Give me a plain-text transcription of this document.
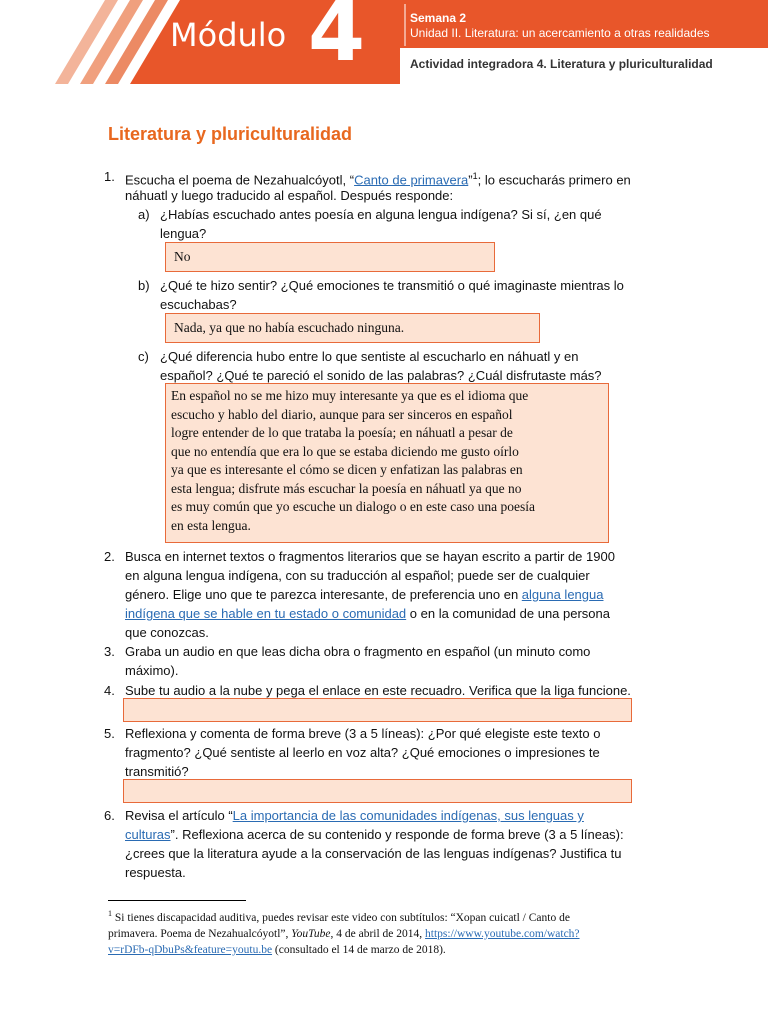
Módulo 4	Semana 2
Unidad II. Literatura: un acercamiento a otras realidades
Actividad integradora 4. Literatura y pluriculturalidad
Literatura y pluriculturalidad
1. Escucha el poema de Nezahualcóyotl, “Canto de primavera”$^1$; lo escucharás primero en
náhuatl y luego traducido al español. Después responde:
a) ¿Habías escuchado antes poesía en alguna lengua indígena? Si sí, ¿en qué
lengua?
No
b) ¿Qué te hizo sentir? ¿Qué emociones te transmitió o qué imaginaste mientras lo
escuchabas?
Nada, ya que no había escuchado ninguna.
c) ¿Qué diferencia hubo entre lo que sentiste al escucharlo en náhuatl y en
español? ¿Qué te pareció el sonido de las palabras? ¿Cuál disfrutaste más?
En español no se me hizo muy interesante ya que es el idioma que
escucho y hablo del diario, aunque para ser sinceros en español
logre entender de lo que trataba la poesía; en náhuatl a pesar de
que no entendía que era lo que se estaba diciendo me gusto oírlo
ya que es interesante el cómo se dicen y enfatizan las palabras en
esta lengua; disfrute más escuchar la poesía en náhuatl ya que no
es muy común que yo escuche un dialogo o en este caso una poesía
en esta lengua.
2. Busca en internet textos o fragmentos literarios que se hayan escrito a partir de 1900
en alguna lengua indígena, con su traducción al español; puede ser de cualquier
género. Elige uno que te parezca interesante, de preferencia uno en alguna lengua
indígena que se hable en tu estado o comunidad o en la comunidad de una persona
que conozcas.
3. Graba un audio en que leas dicha obra o fragmento en español (un minuto como
máximo).
4. Sube tu audio a la nube y pega el enlace en este recuadro. Verifica que la liga funcione.
5. Reflexiona y comenta de forma breve (3 a 5 líneas): ¿Por qué elegiste este texto o
fragmento? ¿Qué sentiste al leerlo en voz alta? ¿Qué emociones o impresiones te
transmitió?
6. Revisa el artículo “La importancia de las comunidades indígenas, sus lenguas y
culturas”. Reflexiona acerca de su contenido y responde de forma breve (3 a 5 líneas):
¿crees que la literatura ayude a la conservación de las lenguas indígenas? Justifica tu
respuesta.
$^1$ Si tienes discapacidad auditiva, puedes revisar este video con subtítulos: “Xopan cuicatl / Canto de
primavera. Poema de Nezahualcóyotl”, YouTube, 4 de abril de 2014, https://www.youtube.com/watch?
v=rDFb-qDbuPs&feature=youtu.be (consultado el 14 de marzo de 2018).
